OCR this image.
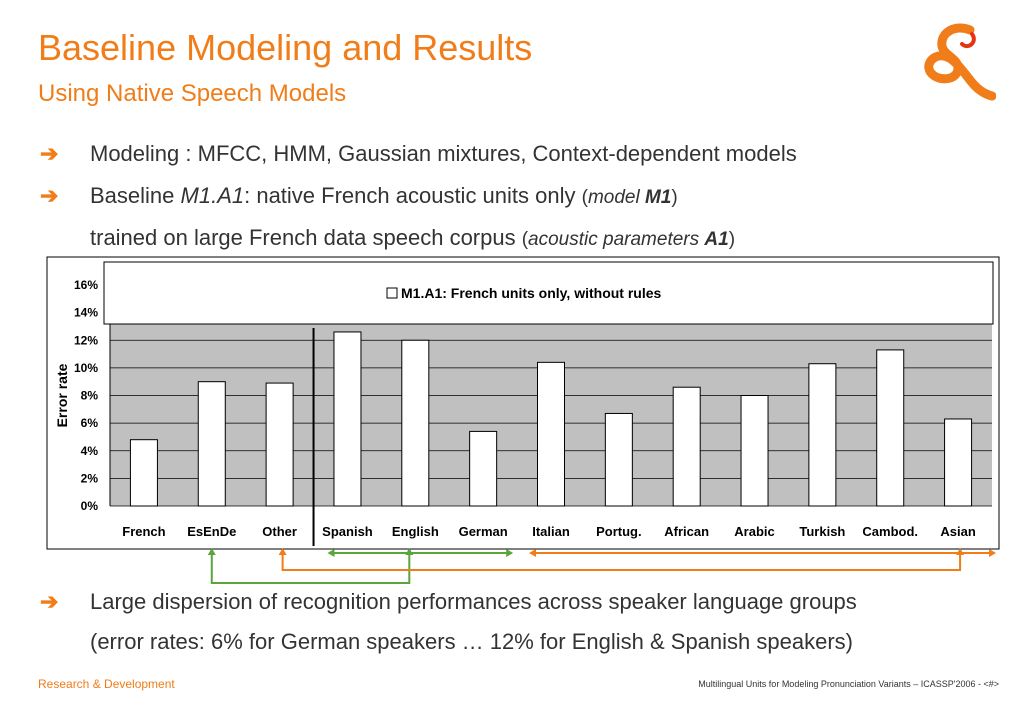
Baseline Modeling and Results
Using Native Speech Models
➔	Modeling : MFCC, HMM, Gaussian mixtures, Context-dependent models
➔	Baseline M1.A1: native French acoustic units only (model M1)
trained on large French data speech corpus (acoustic parameters A1)
0%
2%
4%
6%
8%
10%
12%
14%
16%
Error rate
French EsEnDe Other Spanish English German Italian Portug. African Arabic Turkish Cambod. Asian
M1.A1: French units only, without rules
➔	Large dispersion of recognition performances across speaker language groups
(error rates: 6% for German speakers … 12% for English & Spanish speakers)
Research & Development	Multilingual Units for Modeling Pronunciation Variants – ICASSP'2006 - <#>
